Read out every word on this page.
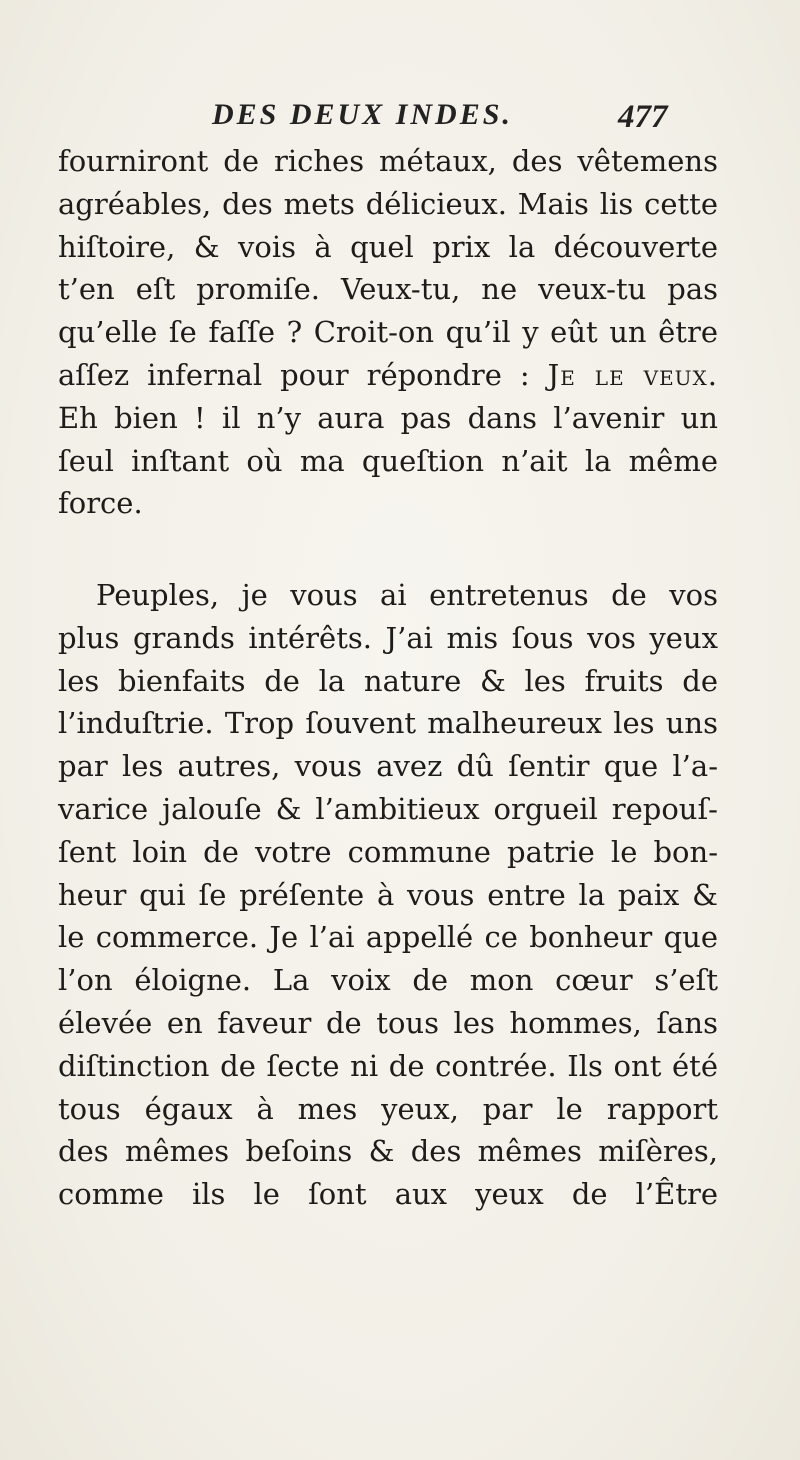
DES DEUX INDES.	477
fourniront de riches métaux, des vêtemens
agréables, des mets délicieux. Mais lis cette
hiſtoire, & vois à quel prix la découverte
t’en eſt promiſe. Veux-tu, ne veux-tu pas
qu’elle ſe faſſe ? Croit-on qu’il y eût un être
aſſez infernal pour répondre : Je le veux.
Eh bien ! il n’y aura pas dans l’avenir un
ſeul inſtant où ma queſtion n’ait la même
force.
Peuples, je vous ai entretenus de vos
plus grands intérêts. J’ai mis ſous vos yeux
les bienfaits de la nature & les fruits de
l’induſtrie. Trop ſouvent malheureux les uns
par les autres, vous avez dû ſentir que l’a-
varice jalouſe & l’ambitieux orgueil repouſ-
ſent loin de votre commune patrie le bon-
heur qui ſe préſente à vous entre la paix &
le commerce. Je l’ai appellé ce bonheur que
l’on éloigne. La voix de mon cœur s’eſt
élevée en faveur de tous les hommes, ſans
diſtinction de ſecte ni de contrée. Ils ont été
tous égaux à mes yeux, par le rapport
des mêmes beſoins & des mêmes miſères,
comme ils le ſont aux yeux de l’Être
